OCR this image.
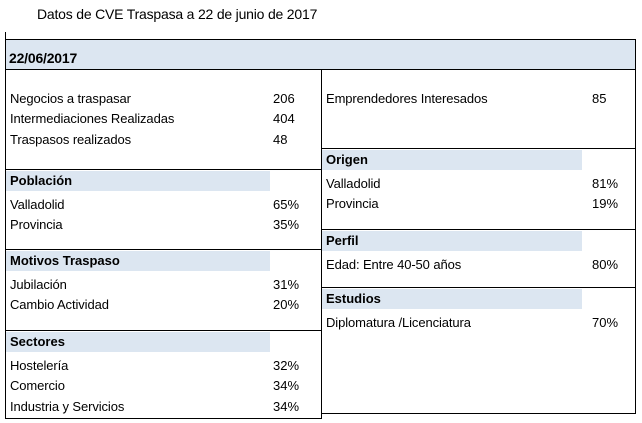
Datos de CVE Traspasa a 22 de junio de 2017
22/06/2017
Negocios a traspasar	206
Intermediaciones Realizadas	404
Traspasos realizados	48
Población
Valladolid	65%
Provincia	35%
Motivos Traspaso
Jubilación	31%
Cambio Actividad	20%
Sectores
Hostelería	32%
Comercio	34%
Industria y Servicios	34%
Emprendedores Interesados	85
Origen
Valladolid	81%
Provincia	19%
Perfil
Edad: Entre 40-50 años	80%
Estudios
Diplomatura /Licenciatura	70%
